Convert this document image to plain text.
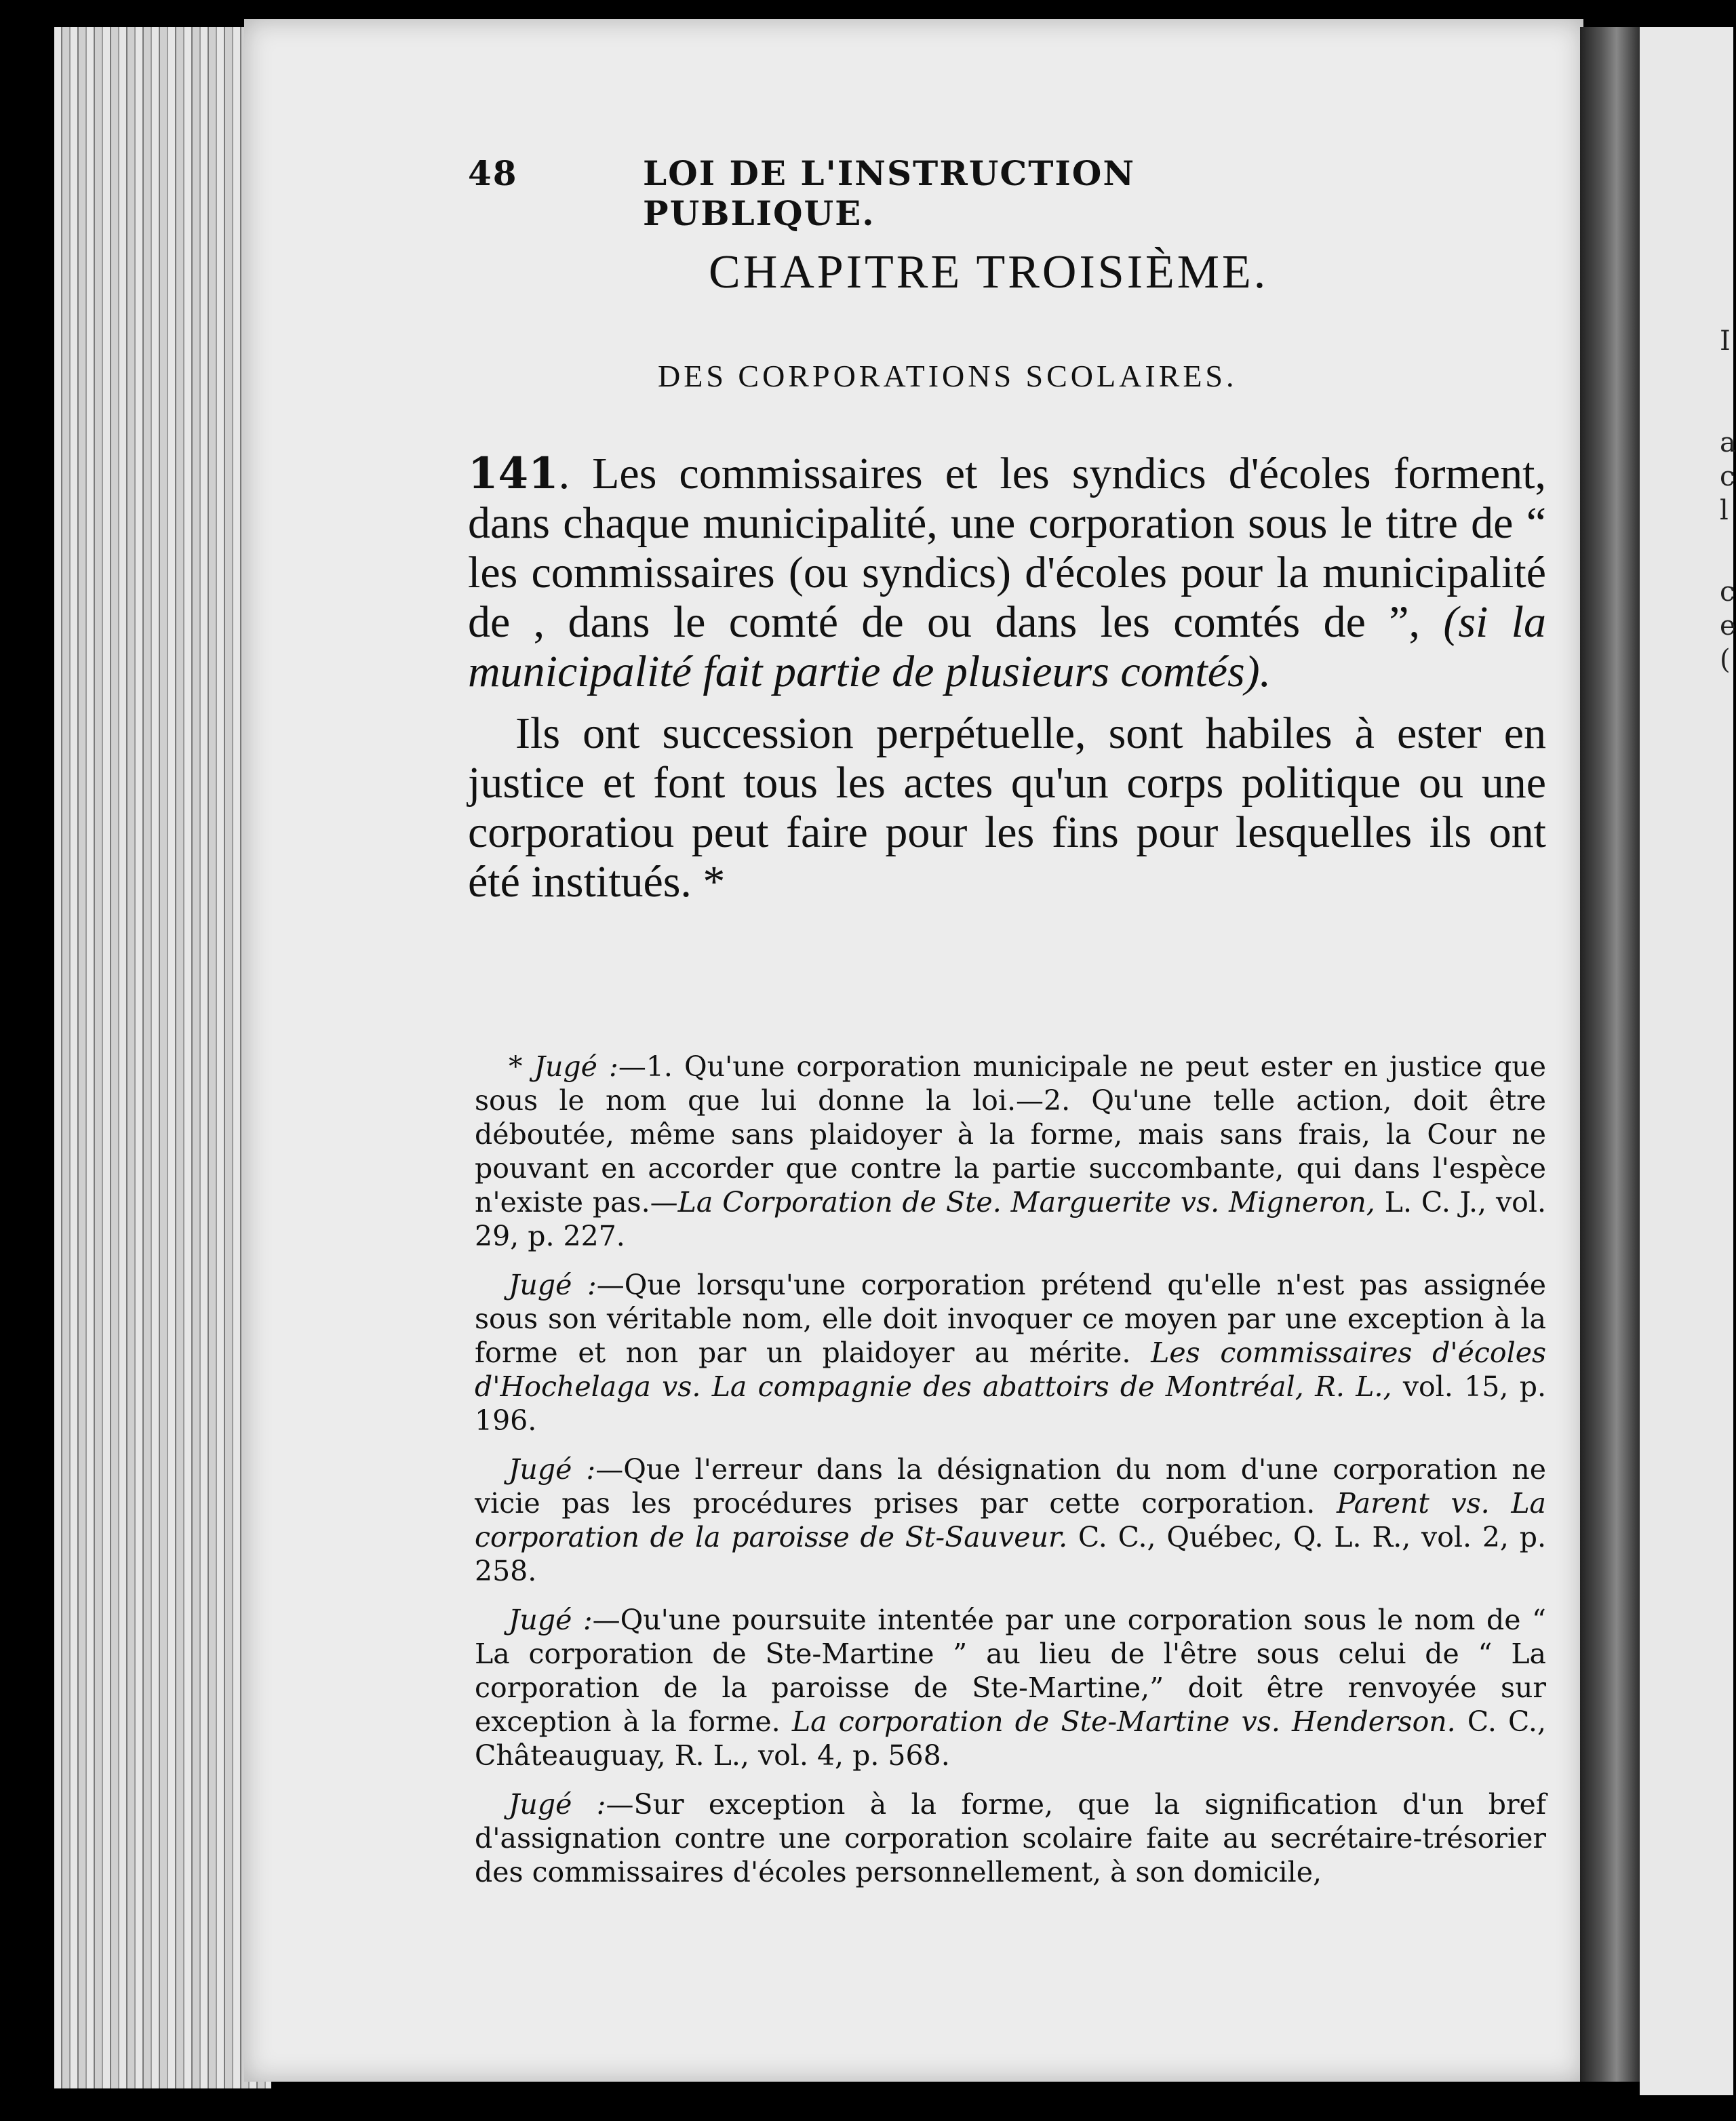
I
a
c
l
c
e
(
48	LOI DE L'INSTRUCTION PUBLIQUE.
CHAPITRE TROISIÈME.
DES CORPORATIONS SCOLAIRES.

141. Les commissaires et les syndics d'écoles forment, dans chaque municipalité, une corporation sous le titre de “ les commissaires (ou syndics) d'écoles pour la municipalité de , dans le comté de ou dans les comtés de ”, (si la municipalité fait partie de plusieurs comtés).

Ils ont succession perpétuelle, sont habiles à ester en justice et font tous les actes qu'un corps politique ou une corporatiou peut faire pour les fins pour lesquelles ils ont été institués. *

* Jugé :—1. Qu'une corporation municipale ne peut ester en justice que sous le nom que lui donne la loi.—2. Qu'une telle action, doit être déboutée, même sans plaidoyer à la forme, mais sans frais, la Cour ne pouvant en accorder que contre la partie succombante, qui dans l'espèce n'existe pas.—La Corporation de Ste. Marguerite vs. Migneron, L. C. J., vol. 29, p. 227.

Jugé :—Que lorsqu'une corporation prétend qu'elle n'est pas assignée sous son véritable nom, elle doit invoquer ce moyen par une exception à la forme et non par un plaidoyer au mérite. Les commissaires d'écoles d'Hochelaga vs. La compagnie des abattoirs de Montréal, R. L., vol. 15, p. 196.

Jugé :—Que l'erreur dans la désignation du nom d'une corporation ne vicie pas les procédures prises par cette corporation. Parent vs. La corporation de la paroisse de St-Sauveur. C. C., Québec, Q. L. R., vol. 2, p. 258.

Jugé :—Qu'une poursuite intentée par une corporation sous le nom de “ La corporation de Ste-Martine ” au lieu de l'être sous celui de “ La corporation de la paroisse de Ste-Martine,” doit être renvoyée sur exception à la forme. La corporation de Ste-Martine vs. Henderson. C. C., Châteauguay, R. L., vol. 4, p. 568.

Jugé :—Sur exception à la forme, que la signification d'un bref d'assignation contre une corporation scolaire faite au secrétaire-trésorier des commissaires d'écoles personnellement, à son domicile,
